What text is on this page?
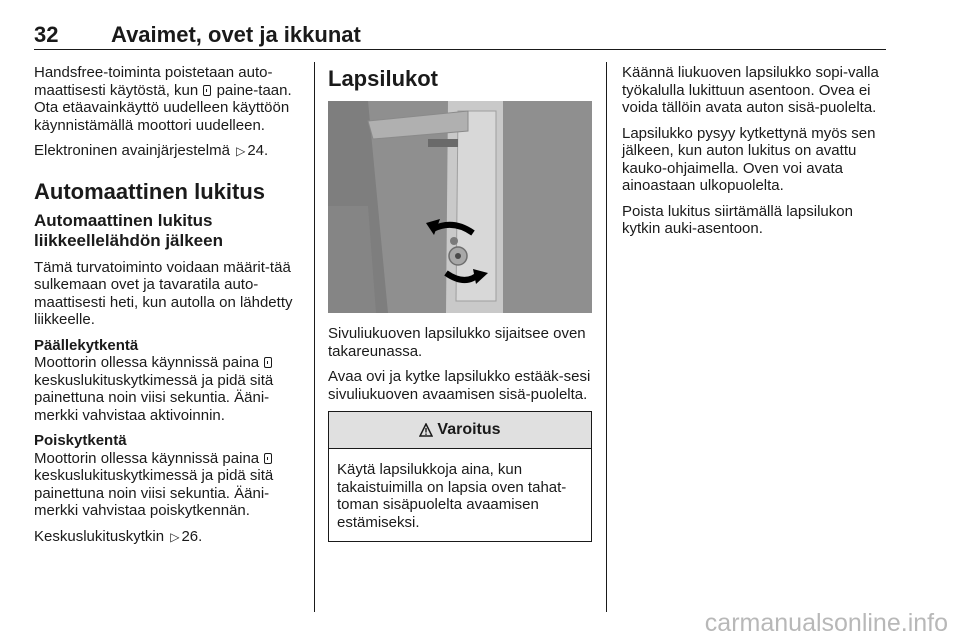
32 Avaimet, ovet ja ikkunat

Handsfree-toiminta poistetaan auto-maattisesti käytöstä, kun  paine-taan. Ota etäavainkäyttö uudelleen käyttöön käynnistämällä moottori uudelleen.

Elektroninen avainjärjestelmä ▷ 24.

Automaattinen lukitus
Automaattinen lukitus liikkeellelähdön jälkeen

Tämä turvatoiminto voidaan määrit-tää sulkemaan ovet ja tavaratila auto-maattisesti heti, kun autolla on lähdetty liikkeelle.

Päällekytkentä

Moottorin ollessa käynnissä paina  keskuslukituskytkimessä ja pidä sitä painettuna noin viisi sekuntia. Ääni-merkki vahvistaa aktivoinnin.

Poiskytkentä

Moottorin ollessa käynnissä paina  keskuslukituskytkimessä ja pidä sitä painettuna noin viisi sekuntia. Ääni-merkki vahvistaa poiskytkennän.

Keskuslukituskytkin ▷ 26.

Lapsilukot

Sivuliukuoven lapsilukko sijaitsee oven takareunassa.

Avaa ovi ja kytke lapsilukko estääk-sesi sivuliukuoven avaamisen sisä-puolelta.

Varoitus
Käytä lapsilukkoja aina, kun takaistuimilla on lapsia oven tahat-toman sisäpuolelta avaamisen estämiseksi.

Käännä liukuoven lapsilukko sopi-valla työkalulla lukittuun asentoon. Ovea ei voida tällöin avata auton sisä-puolelta.

Lapsilukko pysyy kytkettynä myös sen jälkeen, kun auton lukitus on avattu kauko-ohjaimella. Oven voi avata ainoastaan ulkopuolelta.

Poista lukitus siirtämällä lapsilukon kytkin auki-asentoon.

carmanualsonline.info
